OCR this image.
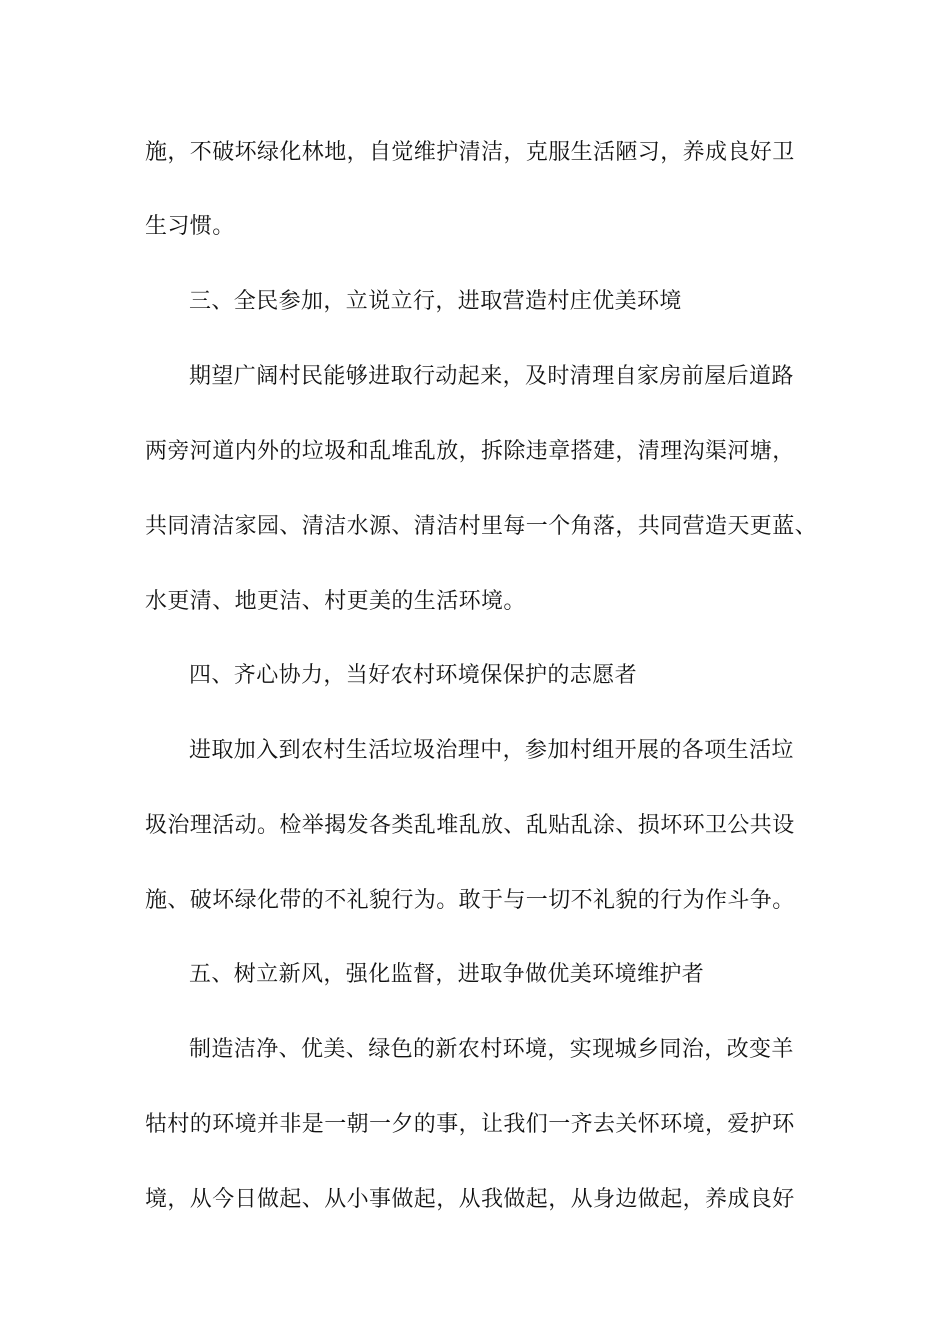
施，不破坏绿化林地，自觉维护清洁，克服生活陋习，养成良好卫
生习惯。
三、全民参加，立说立行，进取营造村庄优美环境
期望广阔村民能够进取行动起来，及时清理自家房前屋后道路
两旁河道内外的垃圾和乱堆乱放，拆除违章搭建，清理沟渠河塘，
共同清洁家园、清洁水源、清洁村里每一个角落，共同营造天更蓝、
水更清、地更洁、村更美的生活环境。
四、齐心协力，当好农村环境保保护的志愿者
进取加入到农村生活垃圾治理中，参加村组开展的各项生活垃
圾治理活动。检举揭发各类乱堆乱放、乱贴乱涂、损坏环卫公共设
施、破坏绿化带的不礼貌行为。敢于与一切不礼貌的行为作斗争。
五、树立新风，强化监督，进取争做优美环境维护者
制造洁净、优美、绿色的新农村环境，实现城乡同治，改变羊
牯村的环境并非是一朝一夕的事，让我们一齐去关怀环境，爱护环
境，从今日做起、从小事做起，从我做起，从身边做起，养成良好
